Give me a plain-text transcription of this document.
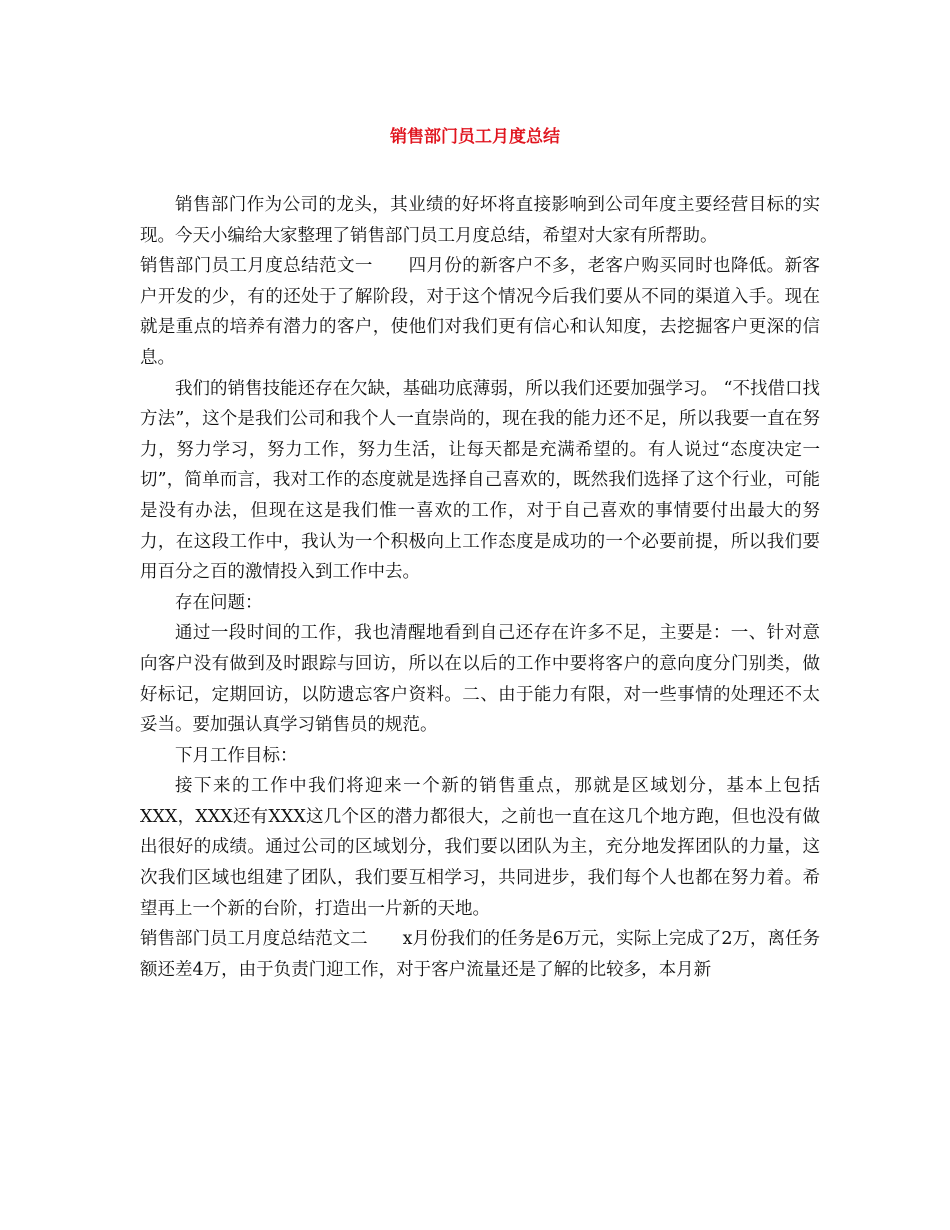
销售部门员工月度总结

销售部门作为公司的龙头，其业绩的好坏将直接影响到公司年度主要经营目标的实现。今天小编给大家整理了销售部门员工月度总结，希望对大家有所帮助。

销售部门员工月度总结范文一　　四月份的新客户不多，老客户购买同时也降低。新客户开发的少，有的还处于了解阶段，对于这个情况今后我们要从不同的渠道入手。现在就是重点的培养有潜力的客户，使他们对我们更有信心和认知度，去挖掘客户更深的信息。

我们的销售技能还存在欠缺，基础功底薄弱，所以我们还要加强学习。 “不找借口找方法”，这个是我们公司和我个人一直崇尚的，现在我的能力还不足，所以我要一直在努力，努力学习，努力工作，努力生活，让每天都是充满希望的。有人说过“态度决定一切”，简单而言，我对工作的态度就是选择自己喜欢的，既然我们选择了这个行业，可能是没有办法，但现在这是我们惟一喜欢的工作，对于自己喜欢的事情要付出最大的努力，在这段工作中，我认为一个积极向上工作态度是成功的一个必要前提，所以我们要用百分之百的激情投入到工作中去。

存在问题：

通过一段时间的工作，我也清醒地看到自己还存在许多不足，主要是：一、针对意向客户没有做到及时跟踪与回访，所以在以后的工作中要将客户的意向度分门别类，做好标记，定期回访，以防遗忘客户资料。二、由于能力有限，对一些事情的处理还不太妥当。要加强认真学习销售员的规范。

下月工作目标：

接下来的工作中我们将迎来一个新的销售重点，那就是区域划分，基本上包括XXX，XXX还有XXX这几个区的潜力都很大，之前也一直在这几个地方跑，但也没有做出很好的成绩。通过公司的区域划分，我们要以团队为主，充分地发挥团队的力量，这次我们区域也组建了团队，我们要互相学习，共同进步，我们每个人也都在努力着。希望再上一个新的台阶，打造出一片新的天地。

销售部门员工月度总结范文二　　x月份我们的任务是6万元，实际上完成了2万，离任务额还差4万，由于负责门迎工作，对于客户流量还是了解的比较多，本月新
